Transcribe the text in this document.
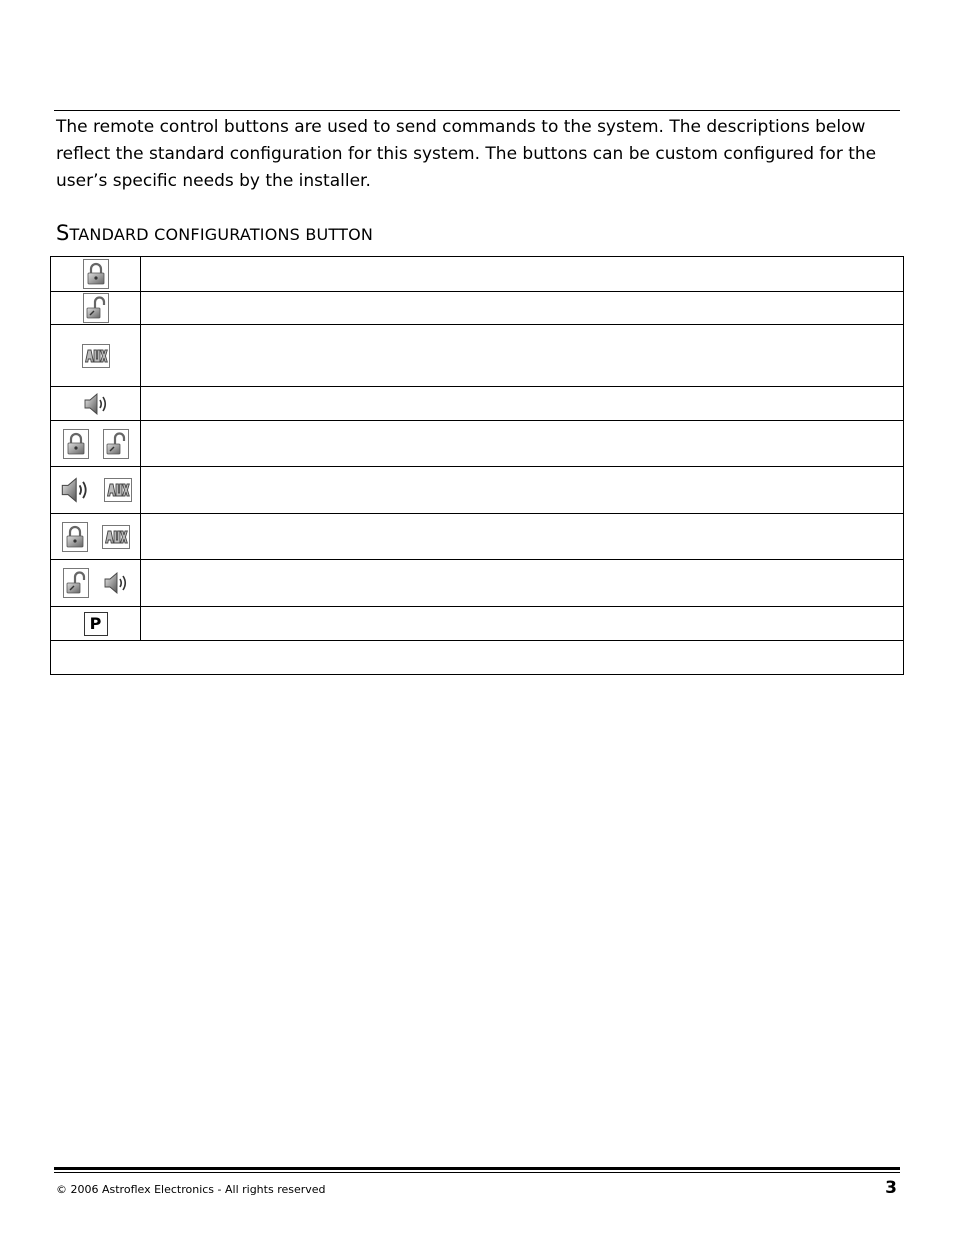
The remote control buttons are used to send commands to the system. The descriptions below reflect the standard configuration for this system. The buttons can be custom configured for the user’s specific needs by the installer.
STANDARD CONFIGURATIONS BUTTON

P	

© 2006 Astroflex Electronics - All rights reserved	3
